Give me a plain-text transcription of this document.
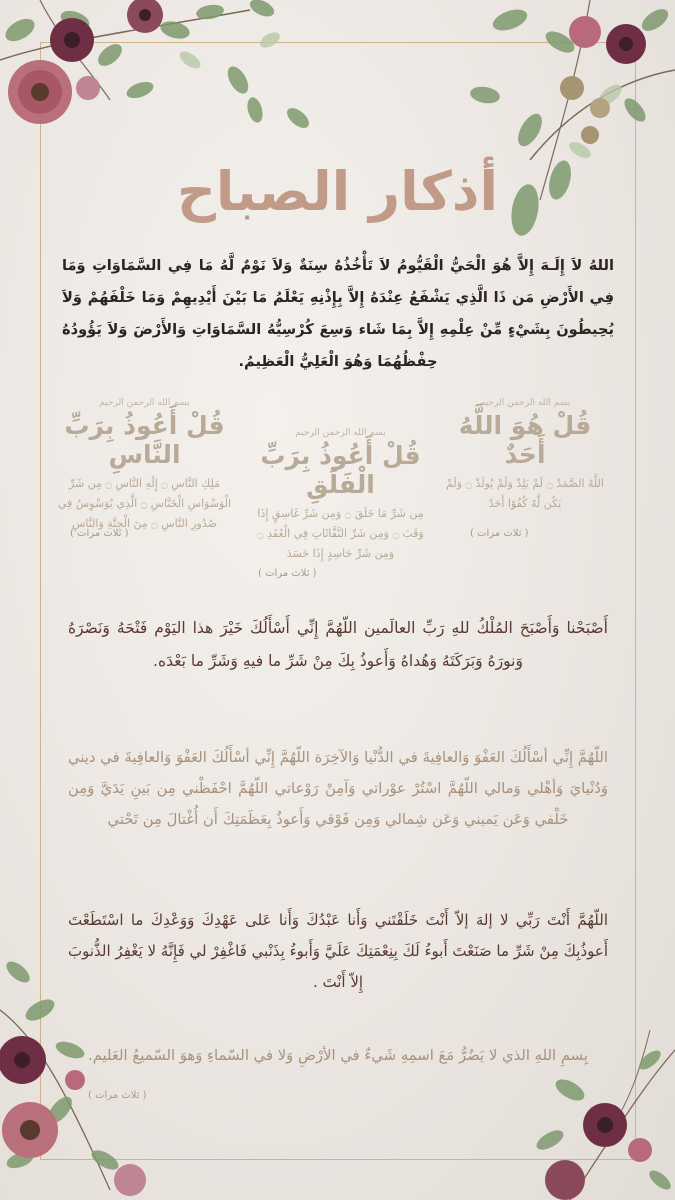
أذكار الصباح
اللهُ لاَ إِلَـهَ إِلاَّ هُوَ الْحَيُّ الْقَيُّومُ لاَ تَأْخُذُهُ سِنَةٌ وَلاَ نَوْمٌ لَّهُ مَا فِي السَّمَاوَاتِ وَمَا فِي الأَرْضِ مَن ذَا الَّذِي يَشْفَعُ عِنْدَهُ إِلاَّ بِإِذْنِهِ يَعْلَمُ مَا بَيْنَ أَيْدِيهِمْ وَمَا خَلْفَهُمْ وَلاَ يُحِيطُونَ بِشَيْءٍ مِّنْ عِلْمِهِ إِلاَّ بِمَا شَاء وَسِعَ كُرْسِيُّهُ السَّمَاوَاتِ وَالأَرْضَ وَلاَ يَؤُودُهُ حِفْظُهُمَا وَهُوَ الْعَلِيُّ الْعَظِيمُ.
بسم الله الرحمن الرحيم
قُلْ هُوَ اللَّهُ أَحَدٌ
اللَّهُ الصَّمَدُ ۝ لَمْ يَلِدْ وَلَمْ يُولَدْ ۝ وَلَمْ يَكُن لَّهُ كُفُوًا أَحَدٌ
( ثلاث مرات )
بسم الله الرحمن الرحيم
قُلْ أَعُوذُ بِرَبِّ الْفَلَقِ
مِن شَرِّ مَا خَلَقَ ۝ وَمِن شَرِّ غَاسِقٍ إِذَا وَقَبَ ۝ وَمِن شَرِّ النَّفَّاثَاتِ فِي الْعُقَدِ ۝ وَمِن شَرِّ حَاسِدٍ إِذَا حَسَدَ
( ثلاث مرات )
بسم الله الرحمن الرحيم
قُلْ أَعُوذُ بِرَبِّ النَّاسِ
مَلِكِ النَّاسِ ۝ إِلَٰهِ النَّاسِ ۝ مِن شَرِّ الْوَسْوَاسِ الْخَنَّاسِ ۝ الَّذِي يُوَسْوِسُ فِي صُدُورِ النَّاسِ ۝ مِنَ الْجِنَّةِ وَالنَّاسِ
( ثلاث مرات )
أَصْبَحْنا وَأَصْبَحَ المُلْكُ للهِ رَبِّ العالَمين اللّهُمَّ إِنِّي أَسْأَلُكَ خَيْرَ هذا اليَوْم فَتْحَهُ وَنَصْرَهُ وَنورَهُ وَبَرَكَتَهُ وَهُداهُ وَأَعوذُ بِكَ مِنْ شَرِّ ما فيهِ وَشَرِّ ما بَعْدَه.
اللّهُمَّ إِنِّي أسْأَلُكَ العَفْوَ وَالعافِيةَ في الدُّنْيا وَالآخِرَة اللّهُمَّ إِنِّي أسْأَلُكَ العَفْوَ وَالعافِيةَ في ديني وَدُنْيايَ وَأهْلي وَمالي اللّهُمَّ اسْتُرْ عوْراتي وَآمِنْ رَوْعاتي اللّهُمَّ احْفَظْني مِن بَينِ يَدَيَّ وَمِن خَلْفي وَعَن يَميني وَعَن شِمالي وَمِن فَوْقي وَأَعوذُ بِعَظَمَتِكَ أَن أُغْتالَ مِن تَحْتي
اللّهُمَّ أَنْتَ رَبِّي لا إلهَ إلاّ أَنْتَ خَلَقْتَني وَأَنا عَبْدُكَ وَأَنا عَلى عَهْدِكَ وَوَعْدِكَ ما اسْتَطَعْتَ أَعوذُبِكَ مِنْ شَرِّ ما صَنَعْتَ أَبوءُ لَكَ بِنِعْمَتِكَ عَلَيَّ وَأَبوءُ بِذَنْبي فَاغْفِرْ لي فَإِنَّهُ لا يَغْفِرُ الذُّنوبَ إِلاّ أَنْتَ .
بِسمِ اللهِ الذي لا يَضُرُّ مَعَ اسمِهِ شَيءٌ في الأرْضِ وَلا في السّماءِ وَهوَ السّميعُ العَليم.
( ثلاث مرات )
